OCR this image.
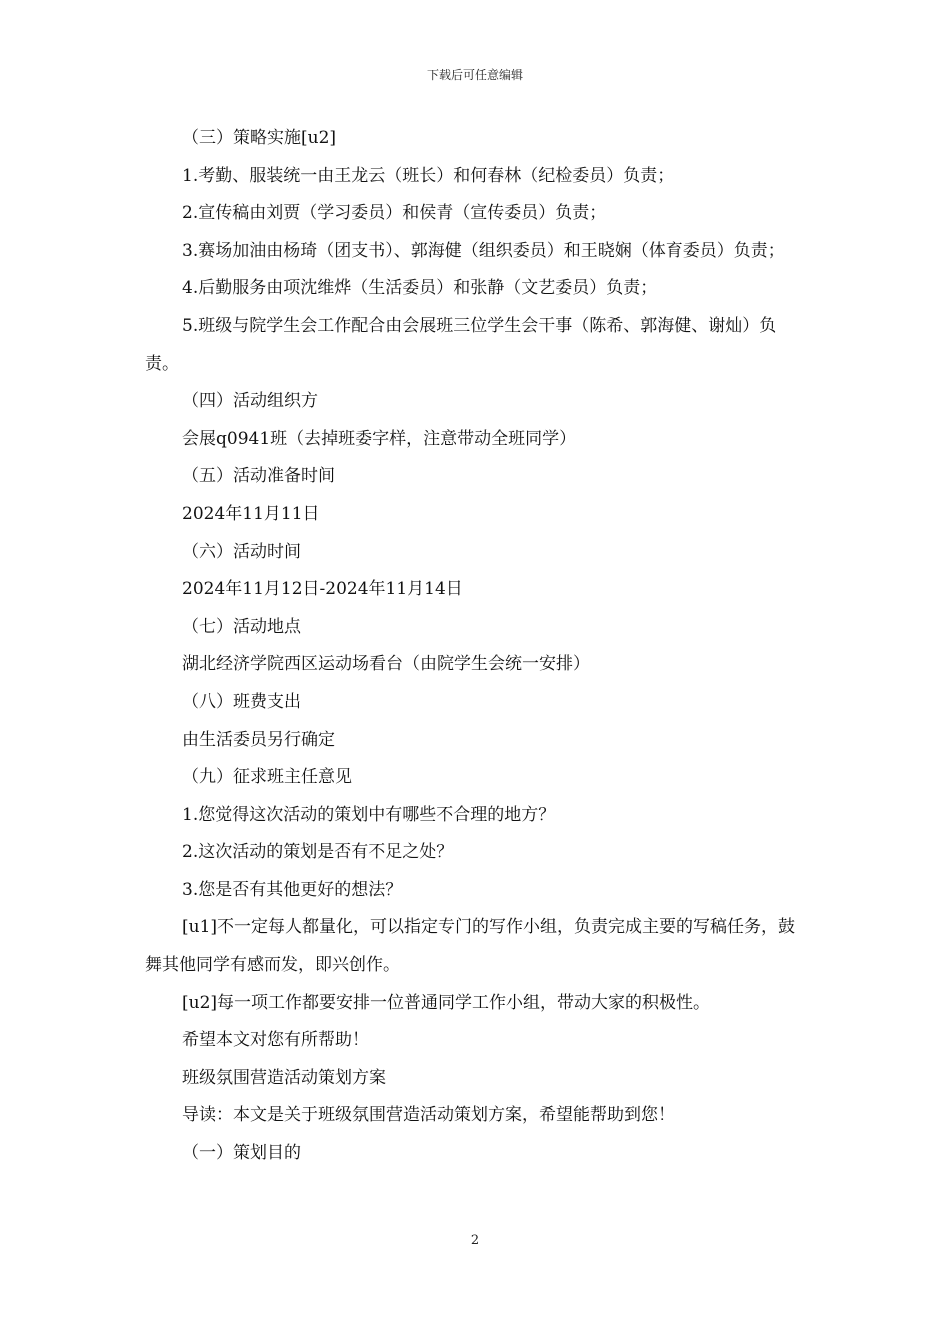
下载后可任意编辑

（三）策略实施[u2]

1.考勤、服装统一由王龙云（班长）和何春林（纪检委员）负责；

2.宣传稿由刘贾（学习委员）和侯青（宣传委员）负责；

3.赛场加油由杨琦（团支书）、郭海健（组织委员）和王晓娴（体育委员）负责；

4.后勤服务由项沈维烨（生活委员）和张静（文艺委员）负责；

5.班级与院学生会工作配合由会展班三位学生会干事（陈希、郭海健、谢灿）负责。

（四）活动组织方

会展q0941班（去掉班委字样，注意带动全班同学）

（五）活动准备时间

2024年11月11日

（六）活动时间

2024年11月12日-2024年11月14日

（七）活动地点

湖北经济学院西区运动场看台（由院学生会统一安排）

（八）班费支出

由生活委员另行确定

（九）征求班主任意见

1.您觉得这次活动的策划中有哪些不合理的地方？

2.这次活动的策划是否有不足之处？

3.您是否有其他更好的想法？

[u1]不一定每人都量化，可以指定专门的写作小组，负责完成主要的写稿任务，鼓舞其他同学有感而发，即兴创作。

[u2]每一项工作都要安排一位普通同学工作小组，带动大家的积极性。

希望本文对您有所帮助！

班级氛围营造活动策划方案

导读：本文是关于班级氛围营造活动策划方案，希望能帮助到您！

（一）策划目的

2
